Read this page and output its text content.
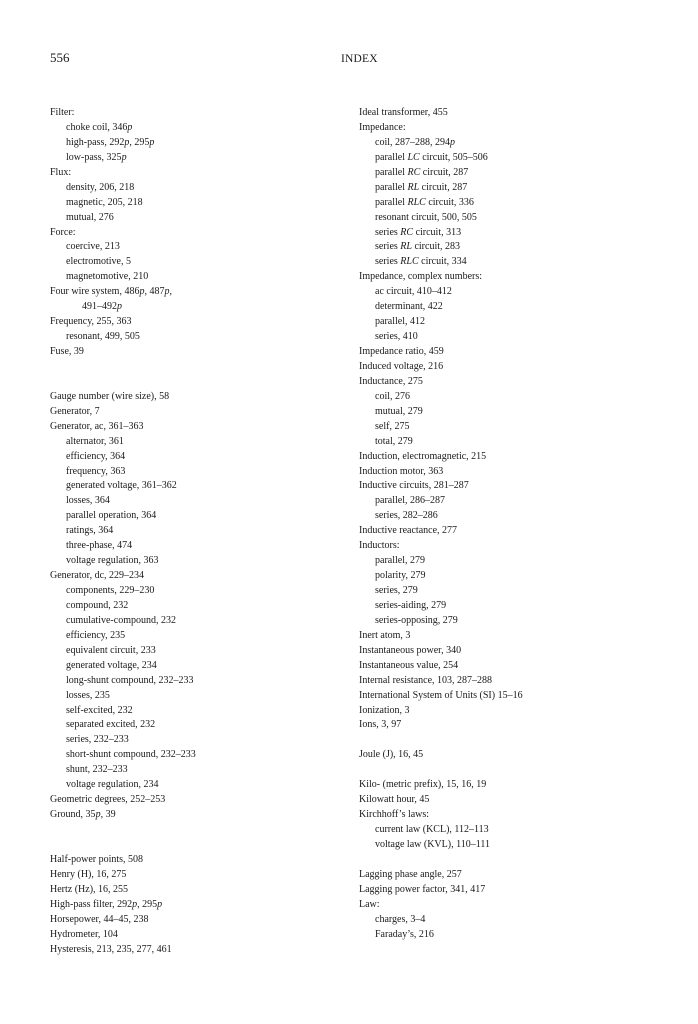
556	INDEX
Filter:
choke coil, 346p
high-pass, 292p, 295p
low-pass, 325p
Flux:
density, 206, 218
magnetic, 205, 218
mutual, 276
Force:
coercive, 213
electromotive, 5
magnetomotive, 210
Four wire system, 486p, 487p,
491–492p
Frequency, 255, 363
resonant, 499, 505
Fuse, 39
Gauge number (wire size), 58
Generator, 7
Generator, ac, 361–363
alternator, 361
efficiency, 364
frequency, 363
generated voltage, 361–362
losses, 364
parallel operation, 364
ratings, 364
three-phase, 474
voltage regulation, 363
Generator, dc, 229–234
components, 229–230
compound, 232
cumulative-compound, 232
efficiency, 235
equivalent circuit, 233
generated voltage, 234
long-shunt compound, 232–233
losses, 235
self-excited, 232
separated excited, 232
series, 232–233
short-shunt compound, 232–233
shunt, 232–233
voltage regulation, 234
Geometric degrees, 252–253
Ground, 35p, 39
Half-power points, 508
Henry (H), 16, 275
Hertz (Hz), 16, 255
High-pass filter, 292p, 295p
Horsepower, 44–45, 238
Hydrometer, 104
Hysteresis, 213, 235, 277, 461
Ideal transformer, 455
Impedance:
coil, 287–288, 294p
parallel LC circuit, 505–506
parallel RC circuit, 287
parallel RL circuit, 287
parallel RLC circuit, 336
resonant circuit, 500, 505
series RC circuit, 313
series RL circuit, 283
series RLC circuit, 334
Impedance, complex numbers:
ac circuit, 410–412
determinant, 422
parallel, 412
series, 410
Impedance ratio, 459
Induced voltage, 216
Inductance, 275
coil, 276
mutual, 279
self, 275
total, 279
Induction, electromagnetic, 215
Induction motor, 363
Inductive circuits, 281–287
parallel, 286–287
series, 282–286
Inductive reactance, 277
Inductors:
parallel, 279
polarity, 279
series, 279
series-aiding, 279
series-opposing, 279
Inert atom, 3
Instantaneous power, 340
Instantaneous value, 254
Internal resistance, 103, 287–288
International System of Units (SI) 15–16
Ionization, 3
Ions, 3, 97
Joule (J), 16, 45
Kilo- (metric prefix), 15, 16, 19
Kilowatt hour, 45
Kirchhoff’s laws:
current law (KCL), 112–113
voltage law (KVL), 110–111
Lagging phase angle, 257
Lagging power factor, 341, 417
Law:
charges, 3–4
Faraday’s, 216
